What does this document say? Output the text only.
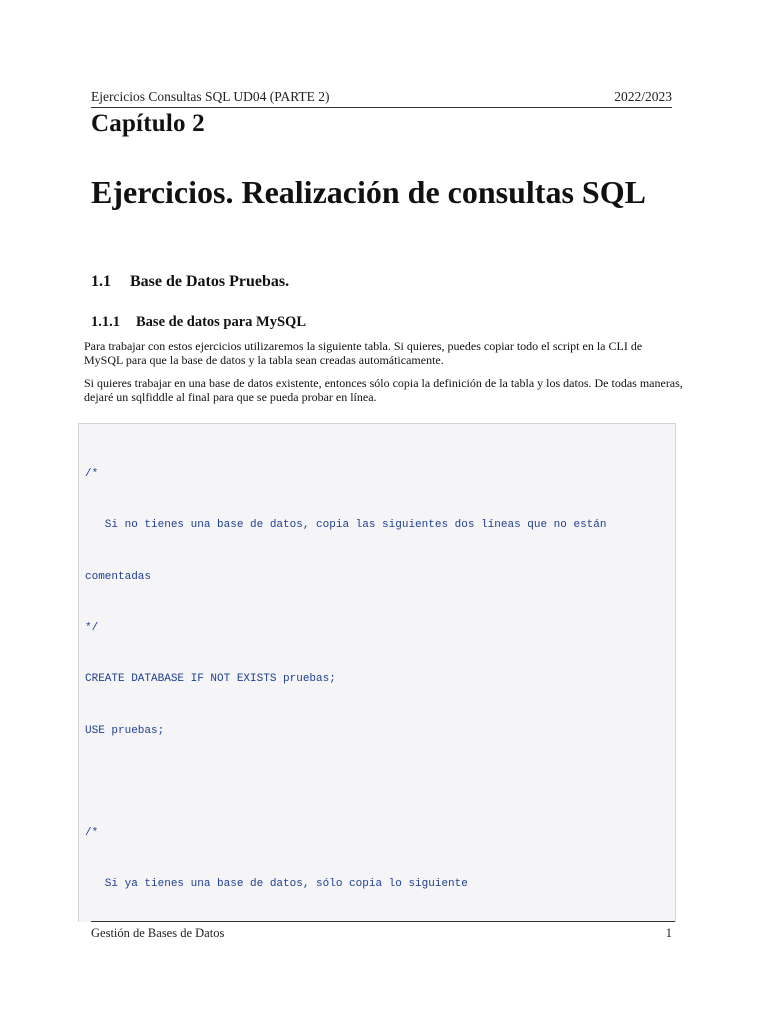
Ejercicios Consultas SQL UD04 (PARTE 2)	2022/2023
Capítulo 2
Ejercicios. Realización de consultas SQL
1.1 Base de Datos Pruebas.
1.1.1 Base de datos para MySQL
Para trabajar con estos ejercicios utilizaremos la siguiente tabla. Si quieres, puedes copiar todo el script en la CLI de MySQL para que la base de datos y la tabla sean creadas automáticamente.
Si quieres trabajar en una base de datos existente, entonces sólo copia la definición de la tabla y los datos. De todas maneras, dejaré un sqlfiddle al final para que se pueda probar en línea.

/*

Si no tienes una base de datos, copia las siguientes dos líneas que no están

comentadas

*/

CREATE DATABASE IF NOT EXISTS pruebas;

USE pruebas;

/*

Si ya tienes una base de datos, sólo copia lo siguiente

Gestión de Bases de Datos	1
